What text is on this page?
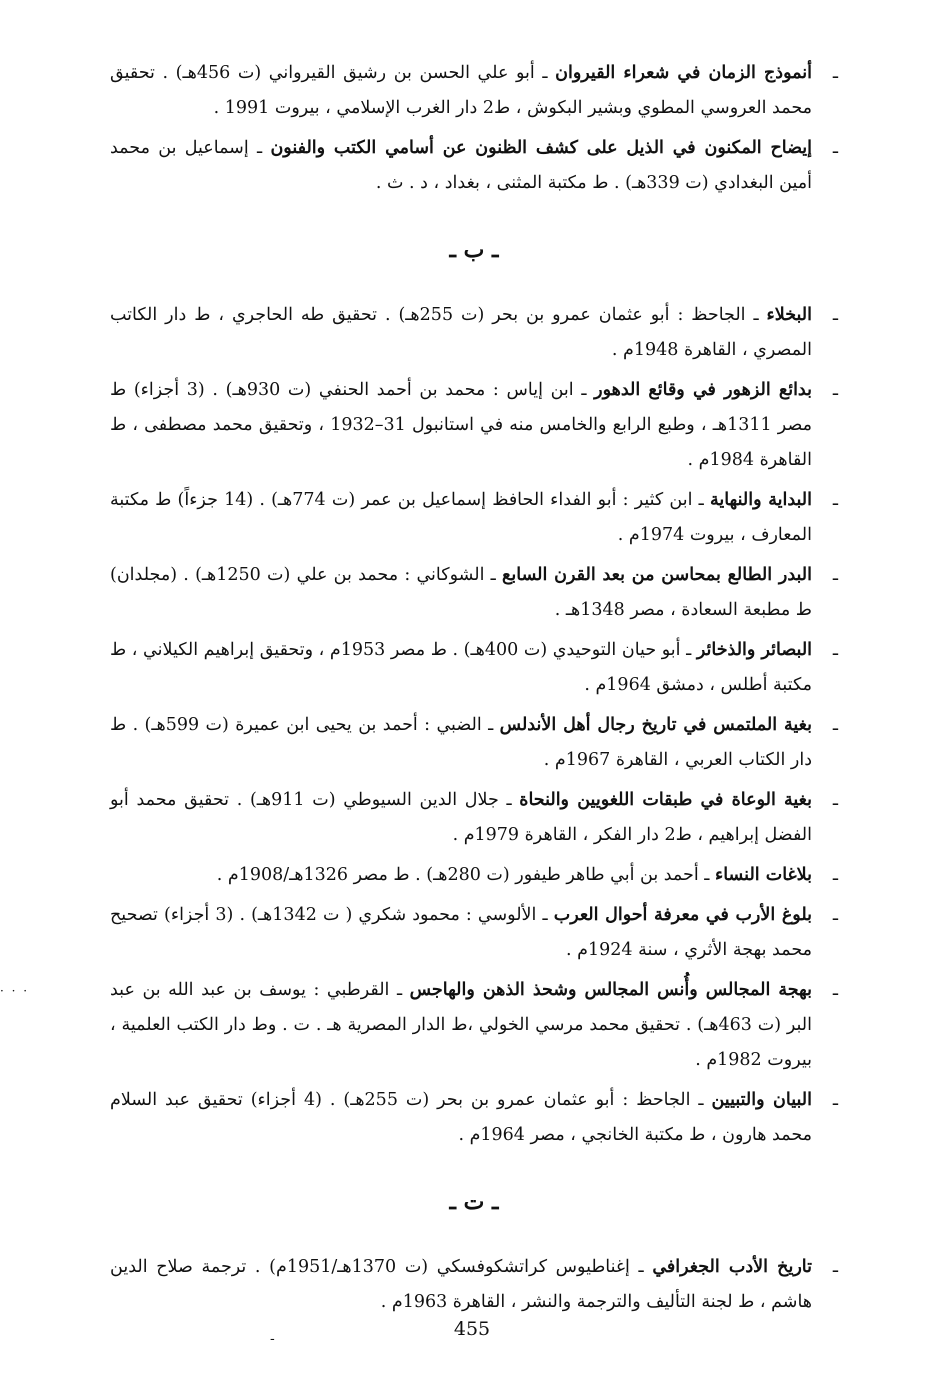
ـ
أنموذج الزمان في شعراء القيروان ـ أبو علي الحسن بن رشيق القيرواني (ت 456هـ) . تحقيق محمد العروسي المطوي وبشير البكوش ، ط2 دار الغرب الإسلامي ، بيروت 1991 .
ـ
إيضاح المكنون في الذيل على كشف الظنون عن أسامي الكتب والفنون ـ إسماعيل بن محمد أمين البغدادي (ت 339هـ) . ط مكتبة المثنى ، بغداد ، د . ث .
ـ ب ـ
ـ
البخلاء ـ الجاحظ : أبو عثمان عمرو بن بحر (ت 255هـ) . تحقيق طه الحاجري ، ط دار الكاتب المصري ، القاهرة 1948م .
ـ
بدائع الزهور في وقائع الدهور ـ ابن إياس : محمد بن أحمد الحنفي (ت 930هـ) . (3 أجزاء) ط مصر 1311هـ ، وطبع الرابع والخامس منه في استانبول 31–1932 ، وتحقيق محمد مصطفى ، ط القاهرة 1984م .
ـ
البداية والنهاية ـ ابن كثير : أبو الفداء الحافظ إسماعيل بن عمر (ت 774هـ) . (14 جزءاً) ط مكتبة المعارف ، بيروت 1974م .
ـ
البدر الطالع بمحاسن من بعد القرن السابع ـ الشوكاني : محمد بن علي (ت 1250هـ) . (مجلدان) ط مطبعة السعادة ، مصر 1348هـ .
ـ
البصائر والذخائر ـ أبو حيان التوحيدي (ت 400هـ) . ط مصر 1953م ، وتحقيق إبراهيم الكيلاني ، ط مكتبة أطلس ، دمشق 1964م .
ـ
بغية الملتمس في تاريخ رجال أهل الأندلس ـ الضبي : أحمد بن يحيى ابن عميرة (ت 599هـ) . ط دار الكتاب العربي ، القاهرة 1967م .
ـ
بغية الوعاة في طبقات اللغويين والنحاة ـ جلال الدين السيوطي (ت 911هـ) . تحقيق محمد أبو الفضل إبراهيم ، ط2 دار الفكر ، القاهرة 1979م .
ـ
بلاغات النساء ـ أحمد بن أبي طاهر طيفور (ت 280هـ) . ط مصر 1326هـ/1908م .
ـ
بلوغ الأرب في معرفة أحوال العرب ـ الألوسي : محمود شكري ( ت 1342هـ) . (3 أجزاء) تصحيح محمد بهجة الأثري ، سنة 1924م .
ـ
بهجة المجالس وأُنس المجالس وشحذ الذهن والهاجس ـ القرطبي : يوسف بن عبد الله بن عبد البر (ت 463هـ) . تحقيق محمد مرسي الخولي ،ط الدار المصرية هـ . ت . وط دار الكتب العلمية ، بيروت 1982م .
ـ
البيان والتبيين ـ الجاحظ : أبو عثمان عمرو بن بحر (ت 255هـ) . (4 أجزاء) تحقيق عبد السلام محمد هارون ، ط مكتبة الخانجي ، مصر 1964م .
ـ ت ـ
ـ
تاريخ الأدب الجغرافي ـ إغناطيوس كراتشكوفسكي (ت 1370هـ/1951م) . ترجمة صلاح الدين هاشم ، ط لجنة التأليف والترجمة والنشر ، القاهرة 1963م .
· · ·
-	455
